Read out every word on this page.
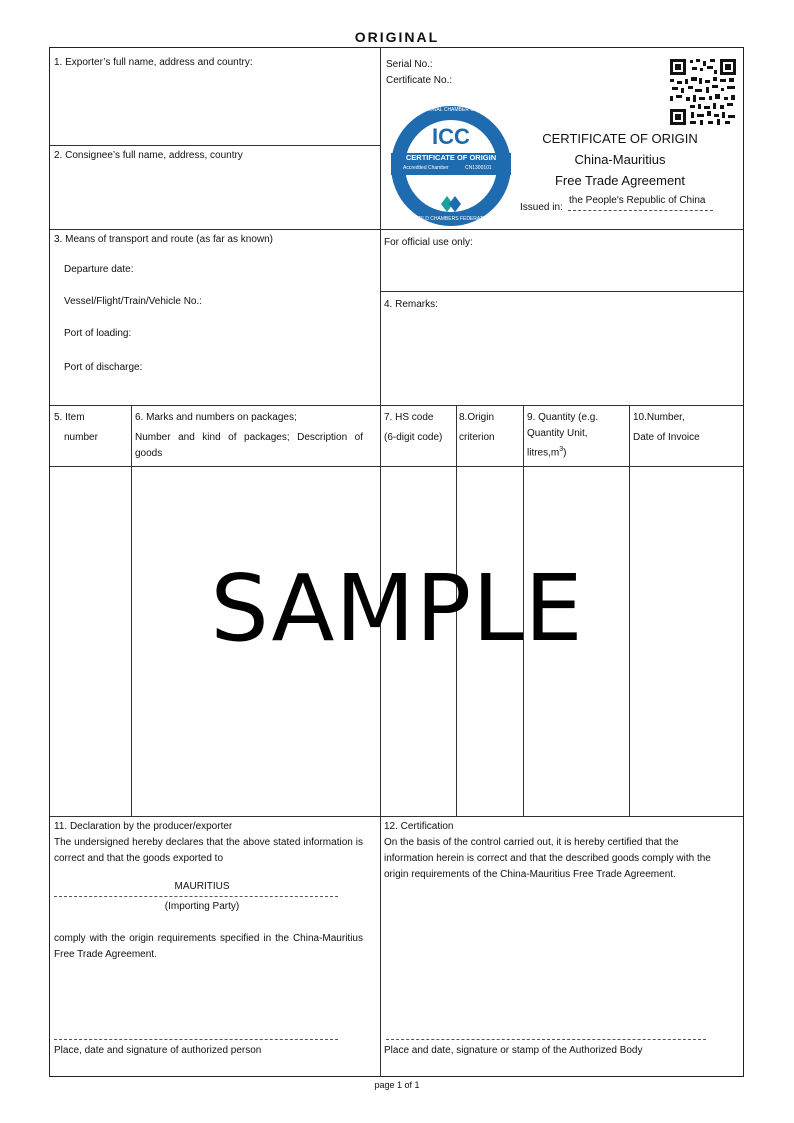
ORIGINAL
1. Exporter’s full name, address and country:
2. Consignee’s full name, address, country
Serial No.:
Certificate No.:
ICC
INTERNATIONAL CHAMBER OF COMMERCE
CERTIFICATE OF ORIGIN
Accredited Chamber	CN1300101
WORLD CHAMBERS FEDERATION
CERTIFICATE OF ORIGIN
China-Mauritius
Free Trade Agreement
Issued in:
the People's Republic of China
3. Means of transport and route (as far as known)
Departure date:
Vessel/Flight/Train/Vehicle No.:
Port of loading:
Port of discharge:
For official use only:
4. Remarks:
5. Item
number
6. Marks and numbers on packages;
Number and kind of packages; Description of goods
7. HS code
(6-digit code)
8.Origin
criterion
9. Quantity (e.g.
Quantity Unit,
$litres,m^3$)
10.Number,
Date of Invoice
SAMPLE
11. Declaration by the producer/exporter
The undersigned hereby declares that the above stated information is correct and that the goods exported to
MAURITIUS
(Importing Party)
comply with the origin requirements specified in the China-Mauritius Free Trade Agreement.
Place, date and signature of authorized person
12. Certification
On the basis of the control carried out, it is hereby certified that the information herein is correct and that the described goods comply with the origin requirements of the China-Mauritius Free Trade Agreement.
Place and date, signature or stamp of the Authorized Body
page 1 of 1
